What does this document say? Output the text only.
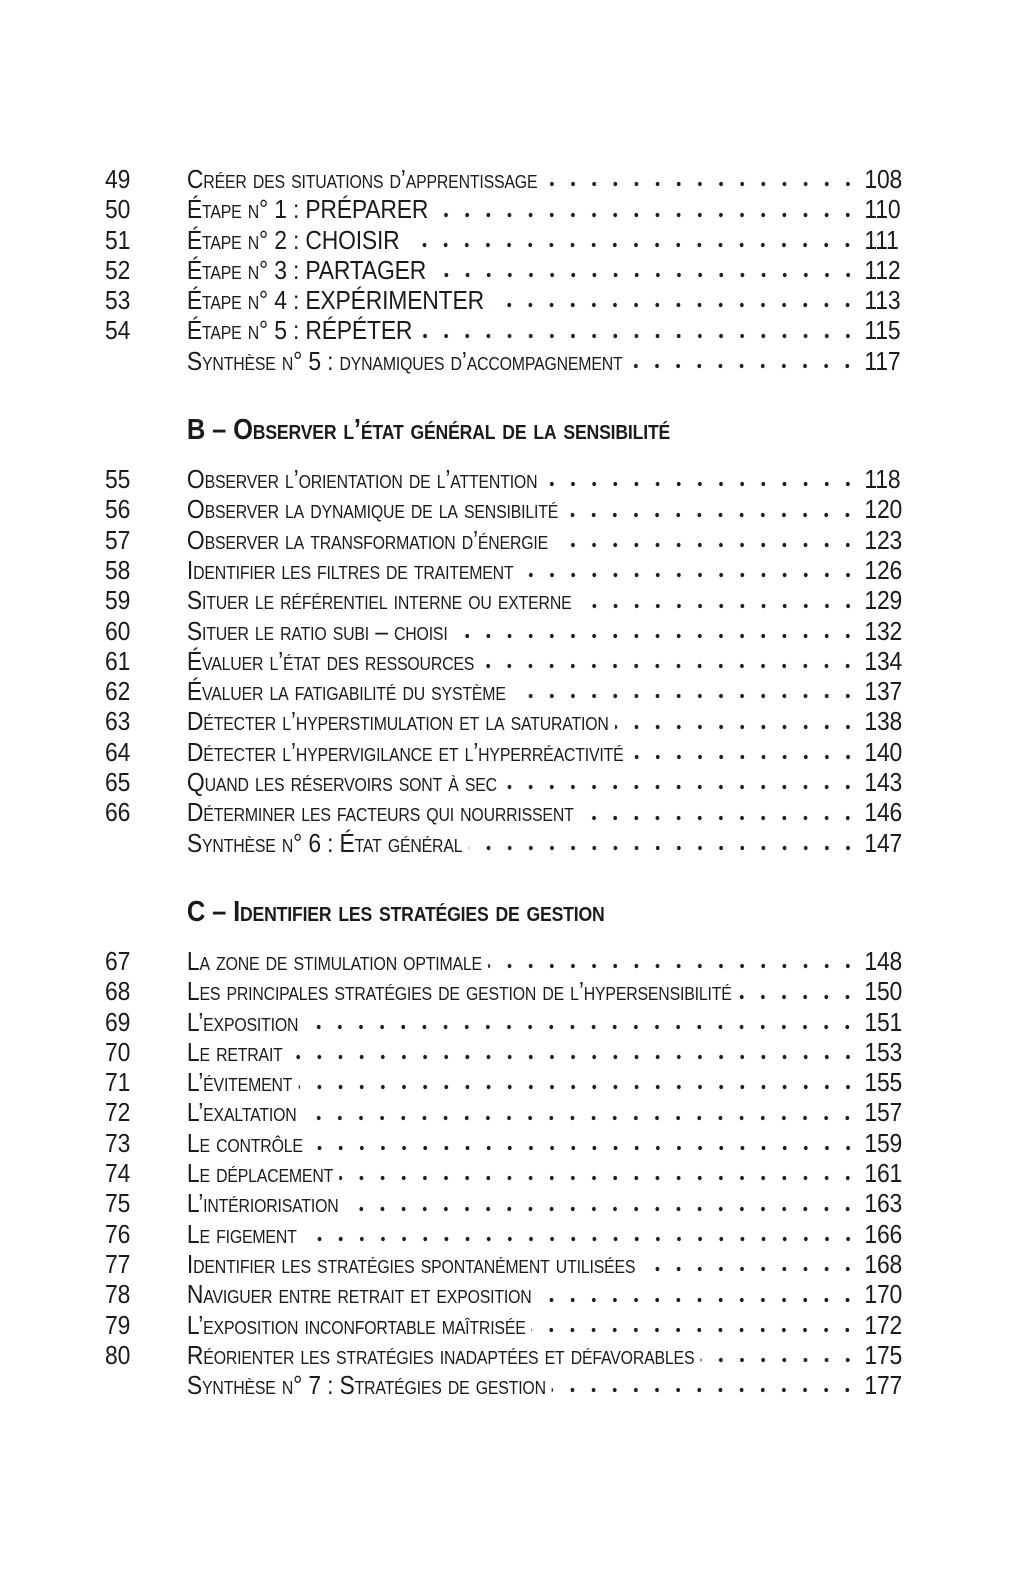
49	Créer des situations d’apprentissage	108
50	Étape n° 1 : PRÉPARER	110
51	Étape n° 2 : CHOISIR	111
52	Étape n° 3 : PARTAGER	112
53	Étape n° 4 : EXPÉRIMENTER	113
54	Étape n° 5 : RÉPÉTER	115
Synthèse n° 5 : dynamiques d’accompagnement	117
B – Observer l’état général de la sensibilité
55	Observer l’orientation de l’attention	118
56	Observer la dynamique de la sensibilité	120
57	Observer la transformation d’énergie	123
58	Identifier les filtres de traitement	126
59	Situer le référentiel interne ou externe	129
60	Situer le ratio subi – choisi	132
61	Évaluer l’état des ressources	134
62	Évaluer la fatigabilité du système	137
63	Détecter l’hyperstimulation et la saturation	138
64	Détecter l’hypervigilance et l’hyperréactivité	140
65	Quand les réservoirs sont à sec	143
66	Déterminer les facteurs qui nourrissent	146
Synthèse n° 6 : État général	147
C – Identifier les stratégies de gestion
67	La zone de stimulation optimale	148
68	Les principales stratégies de gestion de l’hypersensibilité	150
69	L’exposition	151
70	Le retrait	153
71	L’évitement	155
72	L’exaltation	157
73	Le contrôle	159
74	Le déplacement	161
75	L’intériorisation	163
76	Le figement	166
77	Identifier les stratégies spontanément utilisées	168
78	Naviguer entre retrait et exposition	170
79	L’exposition inconfortable maîtrisée	172
80	Réorienter les stratégies inadaptées et défavorables	175
Synthèse n° 7 : Stratégies de gestion	177
